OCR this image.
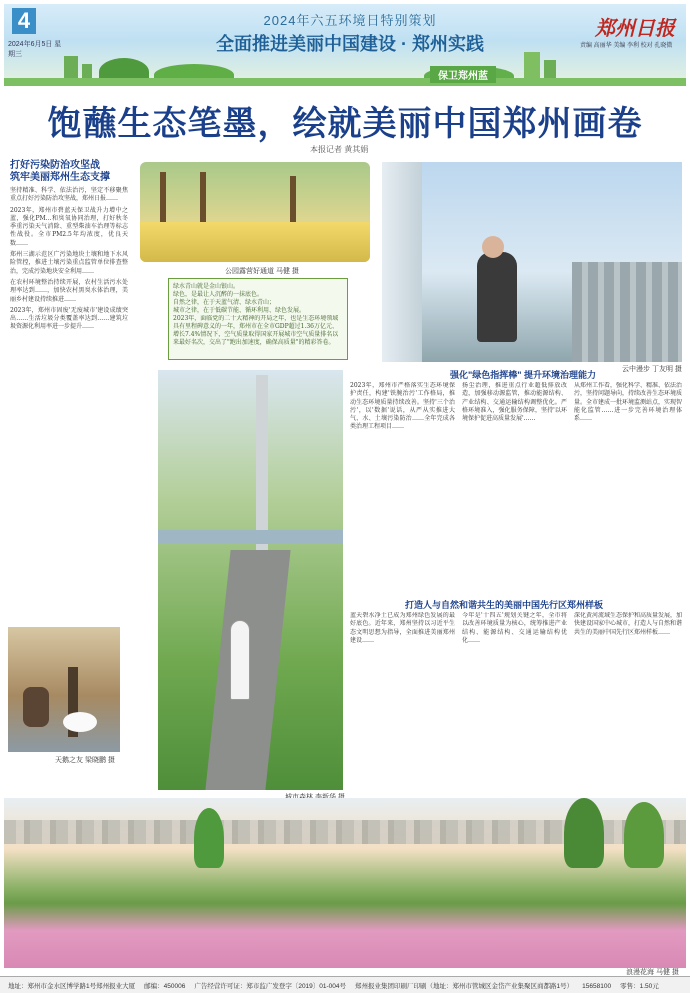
4
2024年6月5日 星期三
2024年六五环境日特别策划
全面推进美丽中国建设 · 郑州实践
郑州日报
责编 高丽华 美编 李利 校对 孔晓微
保卫郑州蓝
饱蘸生态笔墨，绘就美丽中国郑州画卷
本报记者 黄其娟
打好污染防治攻坚战
筑牢美丽郑州生态支撑

坚持精准、科学、依法治污，坚定不移聚焦重点打好污染防治攻坚战，郑州日报……

2023年，郑州市碧蓝天保卫战升力增中之蓝，强化PM…和臭氧协同治理，打好秋冬季重污染天气消除、重型柴油车治理等标志性战役。全市PM2.5年均浓度，优良天数……

郑州三湖示范区广污染地块土壤和地下水风险管控，推进土壤污染重点监管单位排查整治，完成污染地块安全利用……

在农村环境整治持续开展，农村生活污水处理率达到……，加快农村黑臭水体治理，美丽乡村建设持续推进……

2023年，郑州市固废'无废城市'建设成绩突出……生活垃圾分类覆盖率达到……建筑垃圾资源化利用率进一步提升……

公园露营好通道 马健 摄

绿水青山就是金山银山。

绿色，是最让人沉醉的一抹底色。

自然之律，在于天蓝气清、绿水青山；

城市之律，在于低碳节能、循环利用、绿色发展。

2023年，面临党的二十大精神的开局之年，也是生态环境领域具有里程碑意义的一年，郑州市在全市GDP超过1.36万亿元、增长7.4%情况下，空气质量取得国家开展城市空气质量排名以来最好名次，交出了"跑出加速度，确保高质量"的精彩答卷。

云中漫步 丁友明 摄
天鹅之友 梁晓鹏 摄
强化"绿色指挥棒" 提升环境治理能力
2023年，郑州市严格落实生态环境保护责任，构建'铁腕治污'工作格局，推动生态环境质量持续改善。坚持'三个治污'，以'数据'说话，从严从实推进大气、水、土壤污染防治……全年完成各类治理工程项目……
扬尘治理，推进重点行业超低排放改造，加强移动源监管，推动能源结构、产业结构、交通运输结构调整优化。严格环境准入，强化服务保障，坚持'以环境保护促进高质量发展'……
从郑州工作看，强化科学、精准、依法治污，坚持问题导向，持续改善生态环境质量。全市建成一批环境监测站点，实现智能化监管……进一步完善环境治理体系……
打造人与自然和谐共生的美丽中国先行区郑州样板
蓝天碧水净土已成为郑州绿色发展的最好底色。近年来，郑州坚持以习近平生态文明思想为指导，全面推进美丽郑州建设……
今年是'十四五'规划关键之年，全市将以改善环境质量为核心，统筹推进产业结构、能源结构、交通运输结构优化……
深化黄河流域生态保护和高质量发展，加快建设国家中心城市，打造人与自然和谐共生的美丽中国先行区郑州样板……
浪漫花海 马健 摄
地址：郑州市金水区博学路1号郑州报业大厦 邮编：450006 广告经营许可证：郑市监广发登字〔2019〕01-004号 郑州报业集团印刷厂印刷（地址：郑州市管城区金岱产业集聚区商都路1号） 15658100 零售：1.50元
